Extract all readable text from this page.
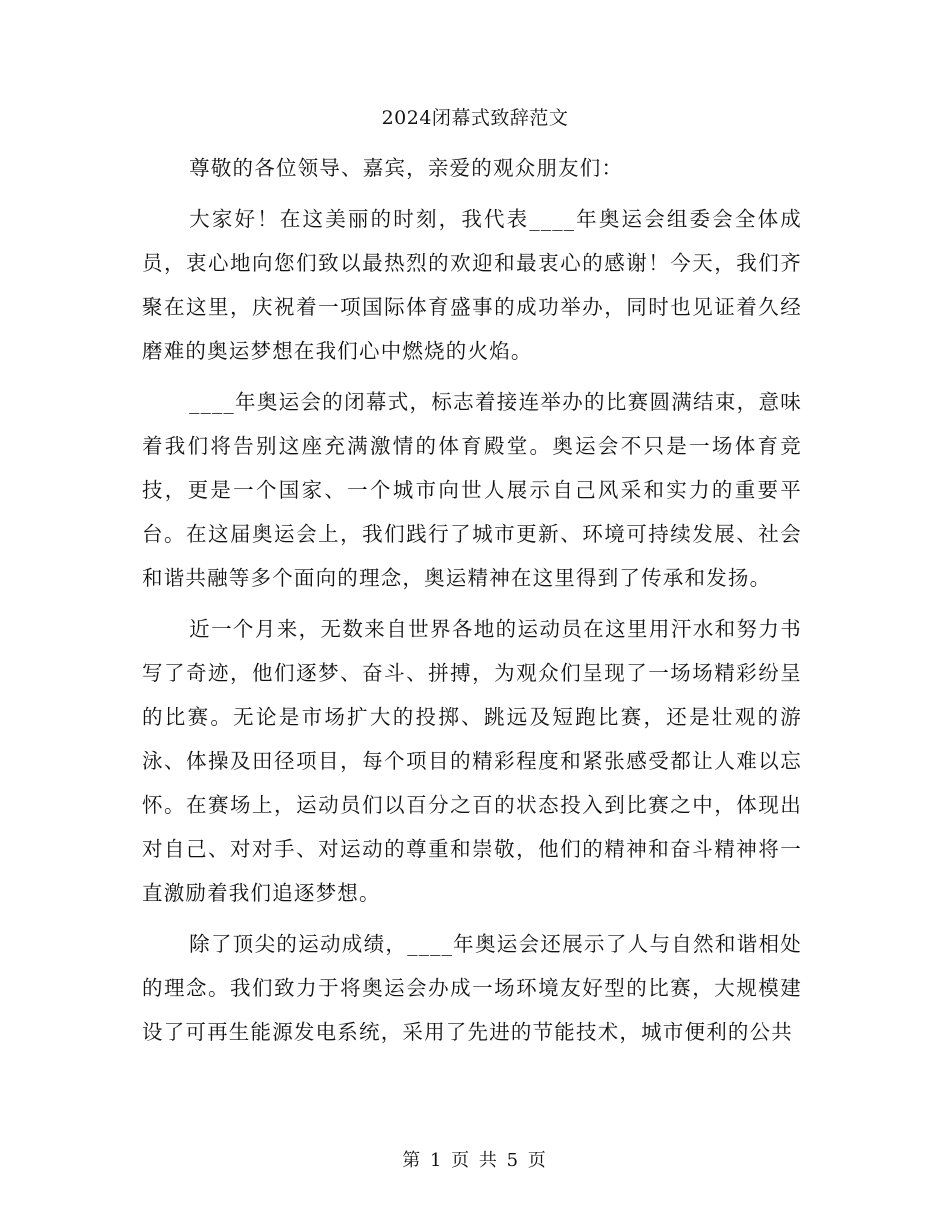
2024闭幕式致辞范文

尊敬的各位领导、嘉宾，亲爱的观众朋友们：

大家好！在这美丽的时刻，我代表____年奥运会组委会全体成员，衷心地向您们致以最热烈的欢迎和最衷心的感谢！今天，我们齐聚在这里，庆祝着一项国际体育盛事的成功举办，同时也见证着久经磨难的奥运梦想在我们心中燃烧的火焰。

____年奥运会的闭幕式，标志着接连举办的比赛圆满结束，意味着我们将告别这座充满激情的体育殿堂。奥运会不只是一场体育竞技，更是一个国家、一个城市向世人展示自己风采和实力的重要平台。在这届奥运会上，我们践行了城市更新、环境可持续发展、社会和谐共融等多个面向的理念，奥运精神在这里得到了传承和发扬。

近一个月来，无数来自世界各地的运动员在这里用汗水和努力书写了奇迹，他们逐梦、奋斗、拼搏，为观众们呈现了一场场精彩纷呈的比赛。无论是市场扩大的投掷、跳远及短跑比赛，还是壮观的游泳、体操及田径项目，每个项目的精彩程度和紧张感受都让人难以忘怀。在赛场上，运动员们以百分之百的状态投入到比赛之中，体现出对自己、对对手、对运动的尊重和崇敬，他们的精神和奋斗精神将一直激励着我们追逐梦想。

除了顶尖的运动成绩，____年奥运会还展示了人与自然和谐相处的理念。我们致力于将奥运会办成一场环境友好型的比赛，大规模建设了可再生能源发电系统，采用了先进的节能技术，城市便利的公共

第 1 页 共 5 页
